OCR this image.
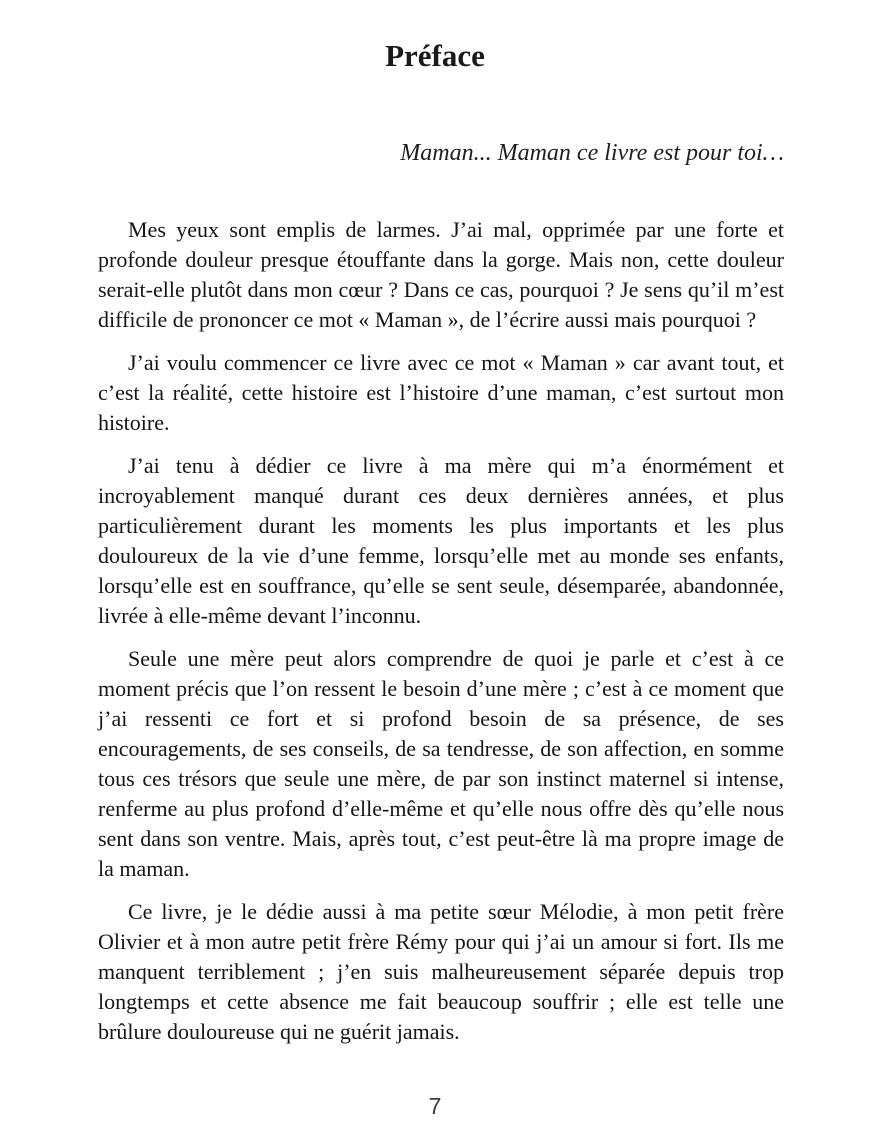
Préface
Maman... Maman ce livre est pour toi…

Mes yeux sont emplis de larmes. J’ai mal, opprimée par une forte et profonde douleur presque étouffante dans la gorge. Mais non, cette douleur serait-elle plutôt dans mon cœur ? Dans ce cas, pourquoi ? Je sens qu’il m’est difficile de prononcer ce mot « Maman », de l’écrire aussi mais pourquoi ?

J’ai voulu commencer ce livre avec ce mot « Maman » car avant tout, et c’est la réalité, cette histoire est l’histoire d’une maman, c’est surtout mon histoire.

J’ai tenu à dédier ce livre à ma mère qui m’a énormément et incroyablement manqué durant ces deux dernières années, et plus particulièrement durant les moments les plus importants et les plus douloureux de la vie d’une femme, lorsqu’elle met au monde ses enfants, lorsqu’elle est en souffrance, qu’elle se sent seule, désemparée, abandonnée, livrée à elle-même devant l’inconnu.

Seule une mère peut alors comprendre de quoi je parle et c’est à ce moment précis que l’on ressent le besoin d’une mère ; c’est à ce moment que j’ai ressenti ce fort et si profond besoin de sa présence, de ses encouragements, de ses conseils, de sa tendresse, de son affection, en somme tous ces trésors que seule une mère, de par son instinct maternel si intense, renferme au plus profond d’elle-même et qu’elle nous offre dès qu’elle nous sent dans son ventre. Mais, après tout, c’est peut-être là ma propre image de la maman.

Ce livre, je le dédie aussi à ma petite sœur Mélodie, à mon petit frère Olivier et à mon autre petit frère Rémy pour qui j’ai un amour si fort. Ils me manquent terriblement ; j’en suis malheureusement séparée depuis trop longtemps et cette absence me fait beaucoup souffrir ; elle est telle une brûlure douloureuse qui ne guérit jamais.

7
